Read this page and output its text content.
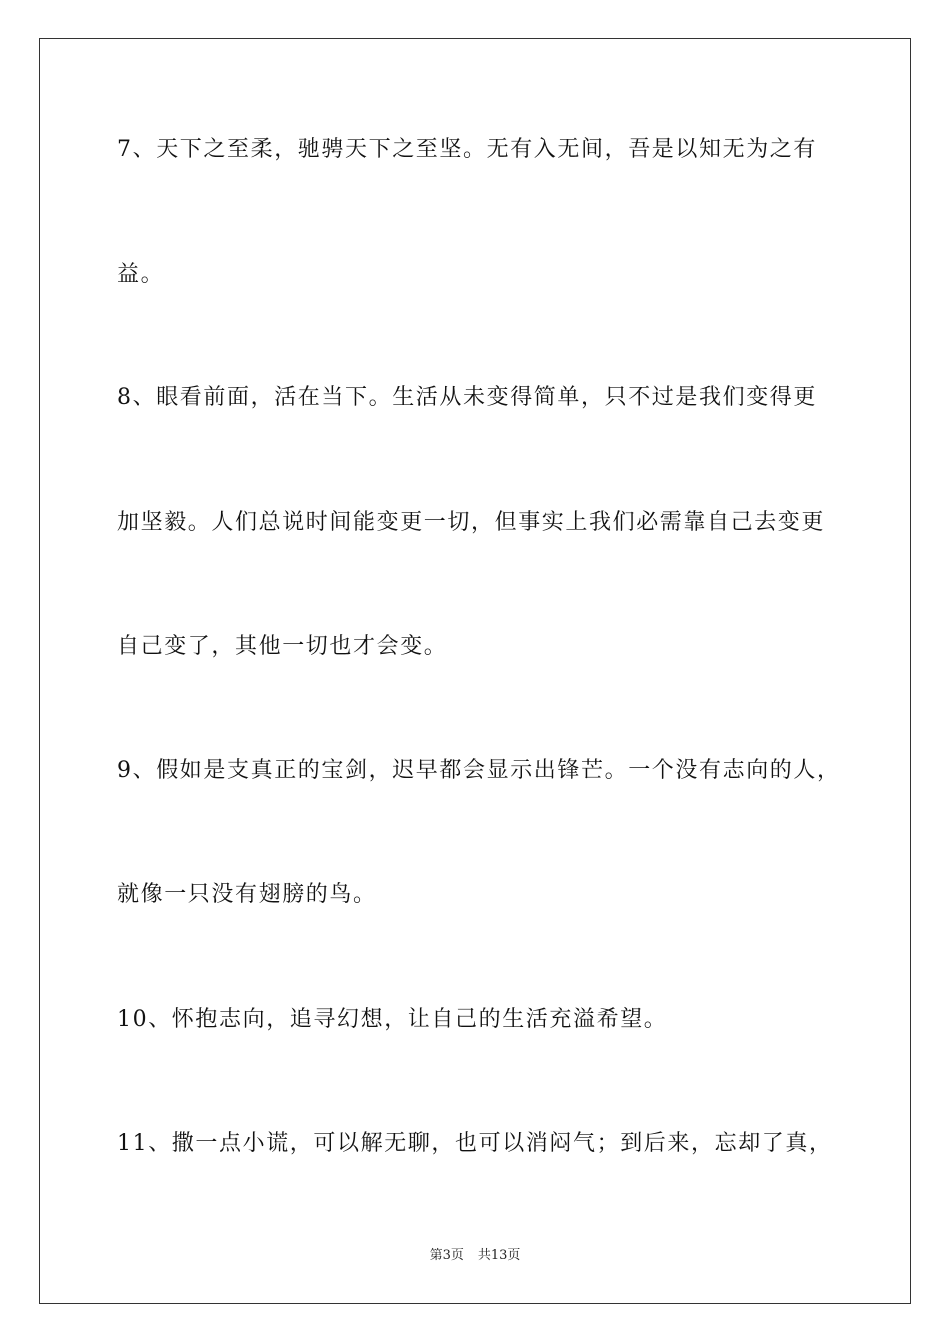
7、天下之至柔，驰骋天下之至坚。无有入无间，吾是以知无为之有
益。
8、眼看前面，活在当下。生活从未变得简单，只不过是我们变得更
加坚毅。人们总说时间能变更一切，但事实上我们必需靠自己去变更
自己变了，其他一切也才会变。
9、假如是支真正的宝剑，迟早都会显示出锋芒。一个没有志向的人，
就像一只没有翅膀的鸟。
10、怀抱志向，追寻幻想，让自己的生活充溢希望。
11、撒一点小谎，可以解无聊，也可以消闷气；到后来，忘却了真，
第3页 共13页
